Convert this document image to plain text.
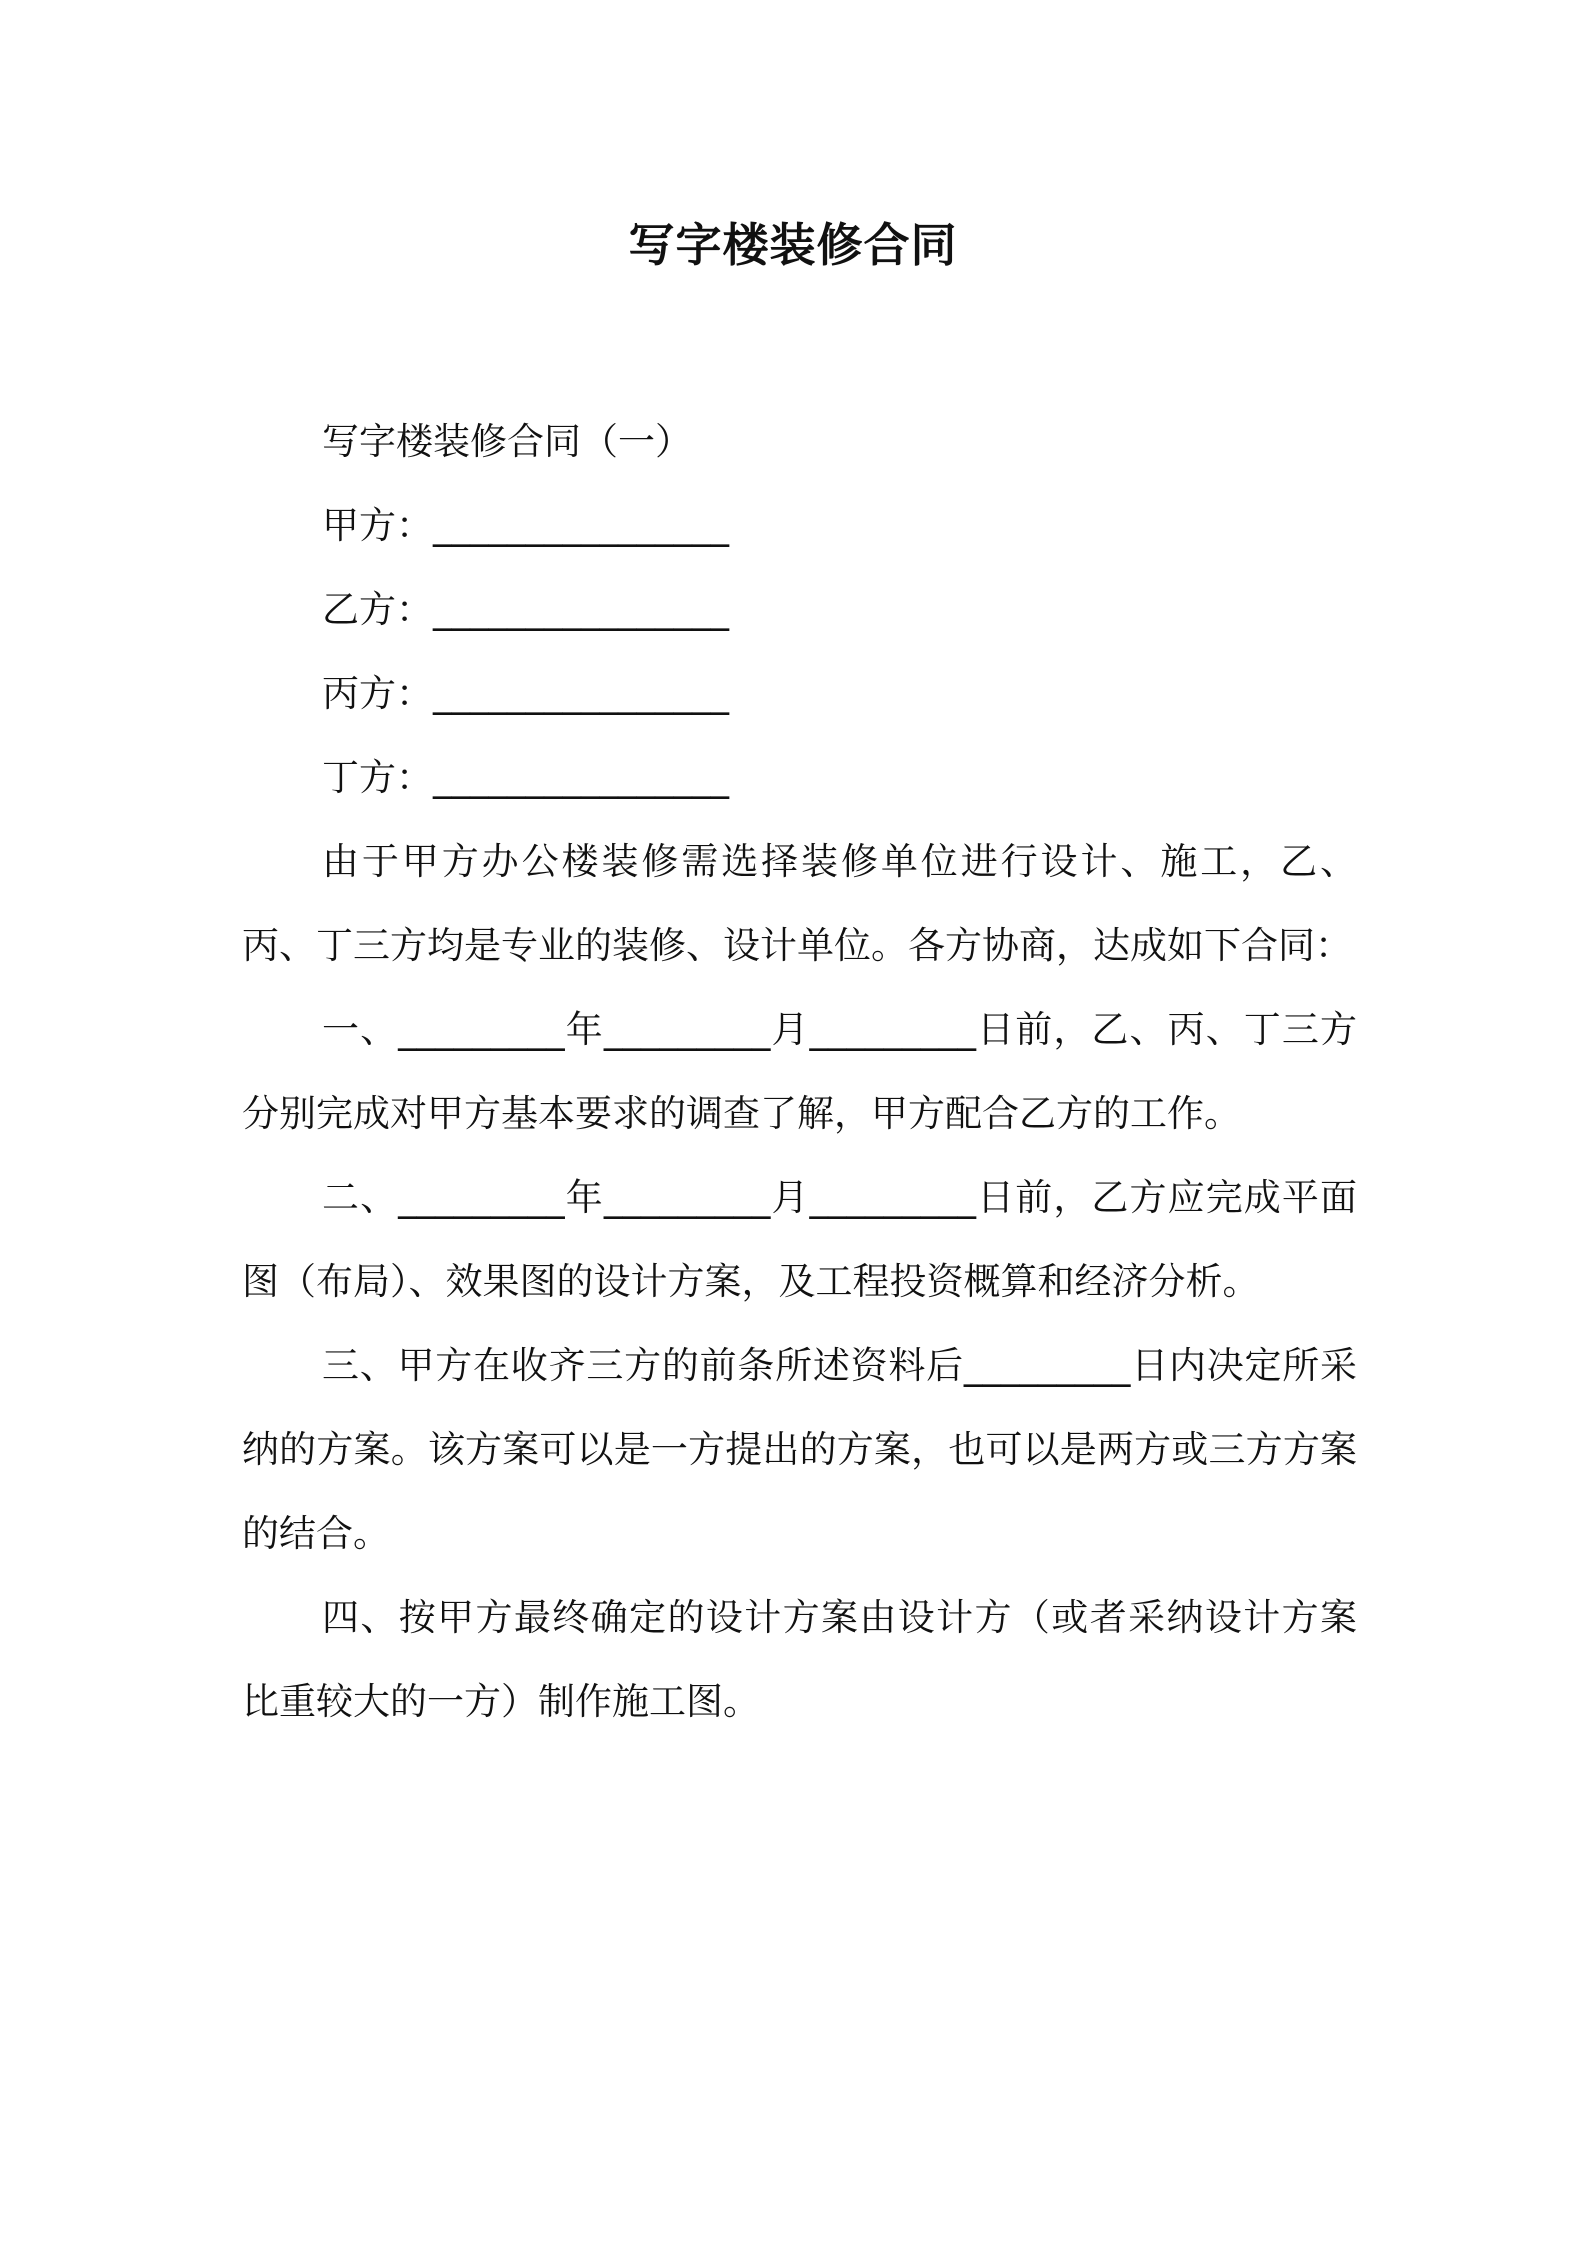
写字楼装修合同
写字楼装修合同（一）
甲方：________________
乙方：________________
丙方：________________
丁方：________________

由于甲方办公楼装修需选择装修单位进行设计、施工，乙、丙、丁三方均是专业的装修、设计单位。各方协商，达成如下合同：

一、_________年_________月_________日前，乙、丙、丁三方分别完成对甲方基本要求的调查了解，甲方配合乙方的工作。

二、_________年_________月_________日前，乙方应完成平面图（布局）、效果图的设计方案，及工程投资概算和经济分析。

三、甲方在收齐三方的前条所述资料后_________日内决定所采纳的方案。该方案可以是一方提出的方案，也可以是两方或三方方案的结合。

四、按甲方最终确定的设计方案由设计方（或者采纳设计方案比重较大的一方）制作施工图。
